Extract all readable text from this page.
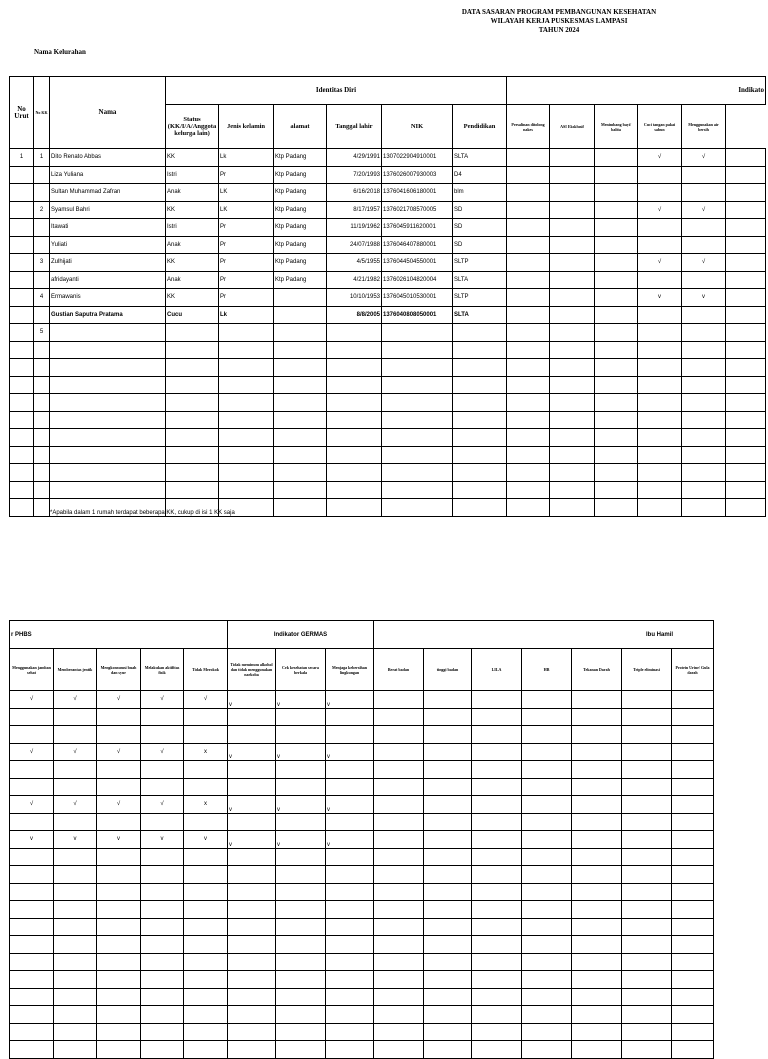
DATA SASARAN PROGRAM PEMBANGUNAN KESEHATAN
WILAYAH KERJA PUSKESMAS LAMPASI
TAHUN 2024
Nama Kelurahan
No Urut	No KK	Nama	Identitas Diri						Indikato					
			Status (KK/I/A/Anggota kelurga lain)	Jenis kelamin	alamat	Tanggal lahir	NIK	Pendidikan	Persalinan ditolong nakes	ASI Eksklusif	Menimbang bayi/ balita	Cuci tangan pakai sabun	Menggunakan air bersih	
1	1	Dito Renato Abbas	KK	Lk	Ktp Padang	4/29/1991	1307022904910001	SLTA				√	√	
		Liza Yuliana	Istri	Pr	Ktp Padang	7/20/1993	1376026007930003	D4						
		Sultan Muhammad Zafran	Anak	LK	Ktp Padang	6/16/2018	1376041606180001	blm						
	2	Syamsul Bahri	KK	LK	Ktp Padang	8/17/1957	1376021708570005	SD				√	√	
		Itawati	Istri	Pr	Ktp Padang	11/19/1962	1376045911620001	SD						
		Yuliati	Anak	Pr	Ktp Padang	24/07/1988	1376046407880001	SD						
	3	Zulhijati	KK	Pr	Ktp Padang	4/5/1955	1376044504550001	SLTP				√	√	
		afridayanti	Anak	Pr	Ktp Padang	4/21/1982	1376026104820004	SLTA						
	4	Ermawanis	KK	Pr		10/10/1953	1376045010530001	SLTP				v	v	
		Gustian Saputra Pratama	Cucu	Lk		8/8/2005	1376040808050001	SLTA						
	5													

*Apabila dalam 1 rumah terdapat beberapa KK, cukup di isi 1 KK saja
r PHBS					Indikator GERMAS			Ibu Hamil						
Menggunakan jamban sehat	Memberantas jentik	Mengkonsumsi buah dan syur	Melakukan aktifitas fisik	Tidak Merokok	Tidak meminum alkohol dan tidak menggunakan narkoba	Cek kesehatan secara berkala	Menjaga kebersihan lingkungan	Berat badan	tinggi badan	LILA	HB	Tekanan Darah	Triple eliminasi	Protein Urine/ Gula darah
√	√	√	√	√	v	v	v							

√	√	√	√	x	v	v	v							

√	√	√	√	x	v	v	v							

v	v	v	v	v	v	v	v							
